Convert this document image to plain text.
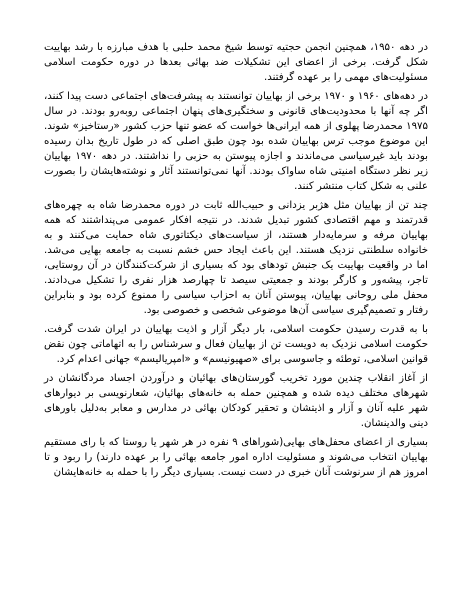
در دهه ۱۹۵۰، همچنین انجمن حجتیه توسط شیخ محمد حلبی با هدف مبارزه با رشد بهاییت شکل گرفت. برخی از اعضای این تشکیلات ضد بهائی بعدها در دوره حکومت اسلامی مسئولیت‌های مهمی را بر عهده گرفتند.

در دهه‌های ۱۹۶۰ و ۱۹۷۰ برخی از بهاییان توانستند به پیشرفت‌های اجتماعی دست پیدا کنند، اگر چه آنها با محدودیت‌های قانونی و سختگیری‌های پنهان اجتماعی روبه‌رو بودند. در سال ۱۹۷۵ محمدرضا پهلوی از همه ایرانی‌ها خواست که عضو تنها حزب کشور «رستاخیز» شوند. این موضوع موجب ترس بهاییان شده بود چون طبق اصلی که در طول تاریخ بدان رسیده بودند باید غیرسیاسی می‌ماندند و اجازه پیوستن به حزبی را نداشتند. در دهه ۱۹۷۰ بهاییان زیر نظر دستگاه امنیتی شاه ساواک بودند. آنها نمی‌توانستند آثار و نوشته‌هایشان را بصورت علنی به شکل کتاب منتشر کنند.

چند تن از بهاییان مثل هژبر یزدانی و حبیب‌الله ثابت در دوره محمدرضا شاه به چهره‌های قدرتمند و مهم اقتصادی کشور تبدیل شدند. در نتیجه افکار عمومی می‌پنداشتند که همه بهاییان مرفه و سرمایه‌دار هستند، از سیاست‌های دیکتاتوری شاه حمایت می‌کنند و به خانواده سلطنتی نزدیک هستند. این باعث ایجاد حس خشم نسبت به جامعه بهایی می‌شد. اما در واقعیت بهاییت یک جنبش تودهای بود که بسیاری از شرکت‌کنندگان در آن روستایی، تاجر، پیشه‌ور و کارگر بودند و جمعیتی سیصد تا چهارصد هزار نفری را تشکیل می‌دادند. محفل ملی روحانی بهاییان، پیوستن آنان به احزاب سیاسی را ممنوع کرده بود و بنابراین رفتار و تصمیم‌گیری سیاسی آن‌ها موضوعی شخصی و خصوصی بود.

با به قدرت رسیدن حکومت اسلامی، بار دیگر آزار و اذیت بهاییان در ایران شدت گرفت. حکومت اسلامی نزدیک به دویست تن از بهاییان فعال و سرشناس را به اتهاماتی چون نقض قوانین اسلامی، توطئه و جاسوسی برای «صهیونیسم» و «امپریالیسم» جهانی اعدام کرد.

از آغاز انقلاب چندین مورد تخریب گورستان‌های بهائیان و درآوردن اجساد مردگانشان در شهرهای مختلف دیده شده و همچنین حمله به خانه‌های بهائیان، شعارنویسی بر دیوارهای شهر علیه آنان و آزار و اذیتشان و تحقیر کودکان بهائی در مدارس و معابر به‌دلیل باورهای دینی والدینشان.

بسیاری از اعضای محفل‌های بهایی(شوراهای ۹ نفره در هر شهر یا روستا که با رای مستقیم بهاییان انتخاب می‌شوند و مسئولیت اداره امور جامعه بهائی را بر عهده دارند) را ربود و تا امروز هم از سرنوشت آنان خبری در دست نیست. بسیاری دیگر را با حمله به خانه‌هایشان
